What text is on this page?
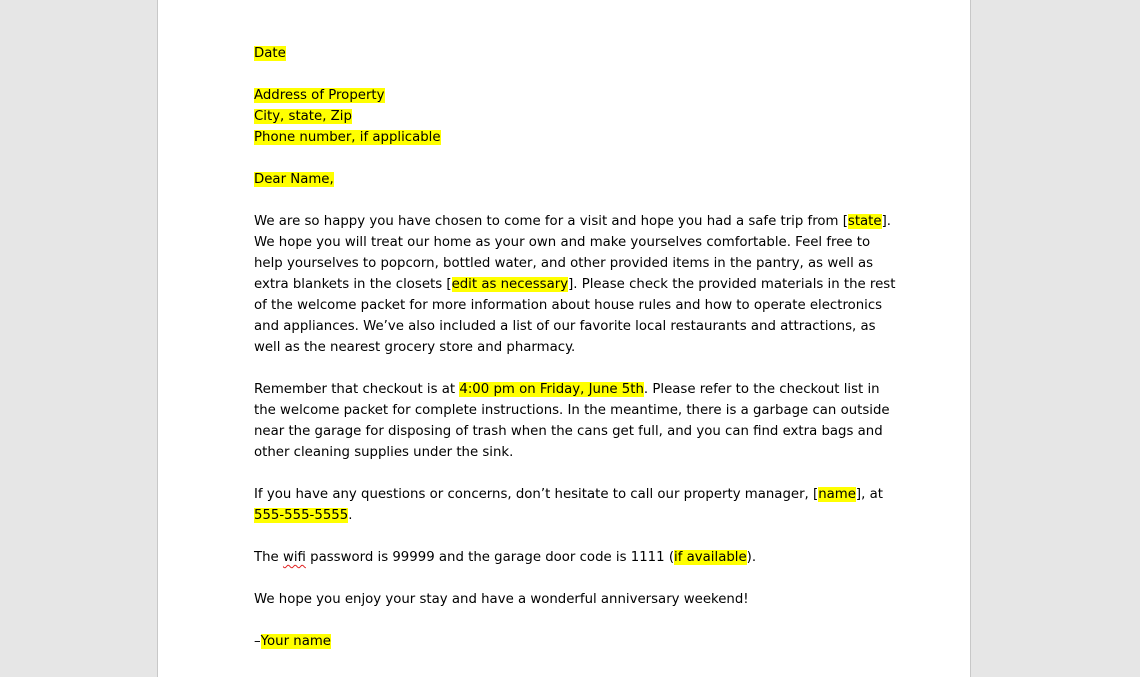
Date
Address of Property
City, state, Zip
Phone number, if applicable
Dear Name,
We are so happy you have chosen to come for a visit and hope you had a safe trip from [state].
We hope you will treat our home as your own and make yourselves comfortable. Feel free to
help yourselves to popcorn, bottled water, and other provided items in the pantry, as well as
extra blankets in the closets [edit as necessary]. Please check the provided materials in the rest
of the welcome packet for more information about house rules and how to operate electronics
and appliances. We’ve also included a list of our favorite local restaurants and attractions, as
well as the nearest grocery store and pharmacy.
Remember that checkout is at 4:00 pm on Friday, June 5th. Please refer to the checkout list in
the welcome packet for complete instructions. In the meantime, there is a garbage can outside
near the garage for disposing of trash when the cans get full, and you can find extra bags and
other cleaning supplies under the sink.
If you have any questions or concerns, don’t hesitate to call our property manager, [name], at
555-555-5555.
The wifi password is 99999 and the garage door code is 1111 (if available).
We hope you enjoy your stay and have a wonderful anniversary weekend!
–Your name
